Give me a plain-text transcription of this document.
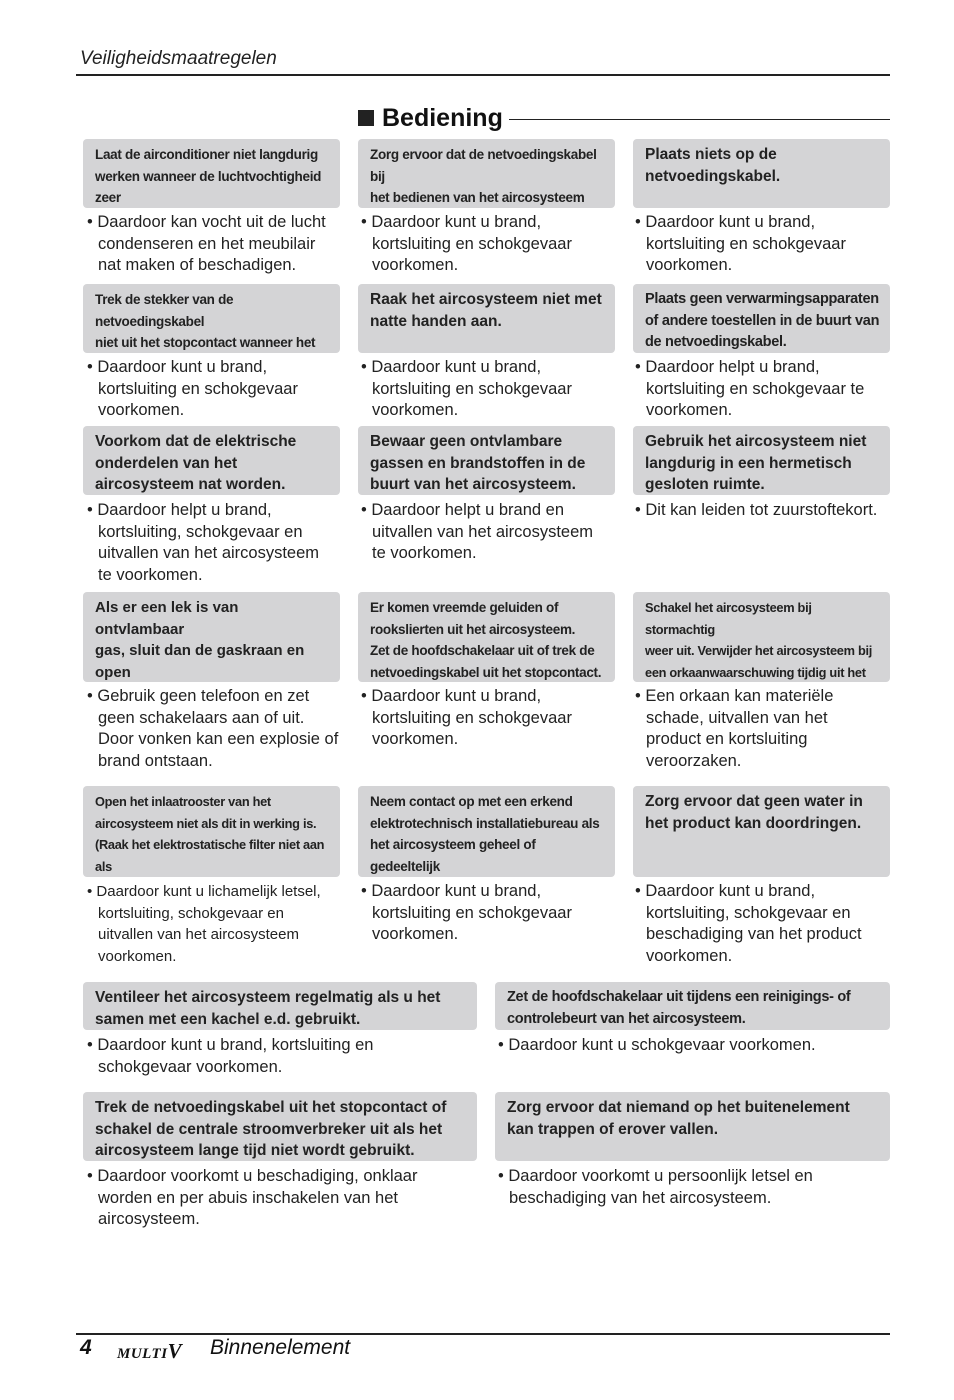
Veiligheidsmaatregelen
Bediening
Laat de airconditioner niet langdurig
werken wanneer de luchtvochtigheid zeer

• Daardoor kan vocht uit de lucht
condenseren en het meubilair
nat maken of beschadigen.
Zorg ervoor dat de netvoedingskabel bij
het bedienen van het aircosysteem

• Daardoor kunt u brand,
kortsluiting en schokgevaar
voorkomen.
Plaats niets op de
netvoedingskabel.
• Daardoor kunt u brand,
kortsluiting en schokgevaar
voorkomen.
Trek de stekker van de netvoedingskabel
niet uit het stopcontact wanneer het

• Daardoor kunt u brand,
kortsluiting en schokgevaar
voorkomen.
Raak het aircosysteem niet met
natte handen aan.
• Daardoor kunt u brand,
kortsluiting en schokgevaar
voorkomen.
Plaats geen verwarmingsapparaten
of andere toestellen in de buurt van
de netvoedingskabel.
• Daardoor helpt u brand,
kortsluiting en schokgevaar te
voorkomen.
Voorkom dat de elektrische
onderdelen van het
aircosysteem nat worden.
• Daardoor helpt u brand,
kortsluiting, schokgevaar en
uitvallen van het aircosysteem
te voorkomen.
Bewaar geen ontvlambare
gassen en brandstoffen in de
buurt van het aircosysteem.
• Daardoor helpt u brand en
uitvallen van het aircosysteem
te voorkomen.
Gebruik het aircosysteem niet
langdurig in een hermetisch
gesloten ruimte.
• Dit kan leiden tot zuurstoftekort.
Als er een lek is van ontvlambaar
gas, sluit dan de gaskraan en open

• Gebruik geen telefoon en zet
geen schakelaars aan of uit.
Door vonken kan een explosie of
brand ontstaan.
Er komen vreemde geluiden of
rookslierten uit het aircosysteem.
Zet de hoofdschakelaar uit of trek de
netvoedingskabel uit het stopcontact.
• Daardoor kunt u brand,
kortsluiting en schokgevaar
voorkomen.
Schakel het aircosysteem bij stormachtig
weer uit. Verwijder het aircosysteem bij
een orkaanwaarschuwing tijdig uit het

• Een orkaan kan materiële
schade, uitvallen van het
product en kortsluiting
veroorzaken.
Open het inlaatrooster van het
aircosysteem niet als dit in werking is.
(Raak het elektrostatische filter niet aan als

• Daardoor kunt u lichamelijk letsel,
kortsluiting, schokgevaar en
uitvallen van het aircosysteem
voorkomen.
Neem contact op met een erkend
elektrotechnisch installatiebureau als
het aircosysteem geheel of gedeeltelijk

• Daardoor kunt u brand,
kortsluiting en schokgevaar
voorkomen.
Zorg ervoor dat geen water in
het product kan doordringen.
• Daardoor kunt u brand,
kortsluiting, schokgevaar en
beschadiging van het product
voorkomen.
Ventileer het aircosysteem regelmatig als u het
samen met een kachel e.d. gebruikt.
• Daardoor kunt u brand, kortsluiting en
schokgevaar voorkomen.
Zet de hoofdschakelaar uit tijdens een reinigings- of
controlebeurt van het aircosysteem.
• Daardoor kunt u schokgevaar voorkomen.
Trek de netvoedingskabel uit het stopcontact of
schakel de centrale stroomverbreker uit als het
aircosysteem lange tijd niet wordt gebruikt.
• Daardoor voorkomt u beschadiging, onklaar
worden en per abuis inschakelen van het
aircosysteem.
Zorg ervoor dat niemand op het buitenelement
kan trappen of erover vallen.
• Daardoor voorkomt u persoonlijk letsel en
beschadiging van het aircosysteem.
4 MULTIV Binnenelement
